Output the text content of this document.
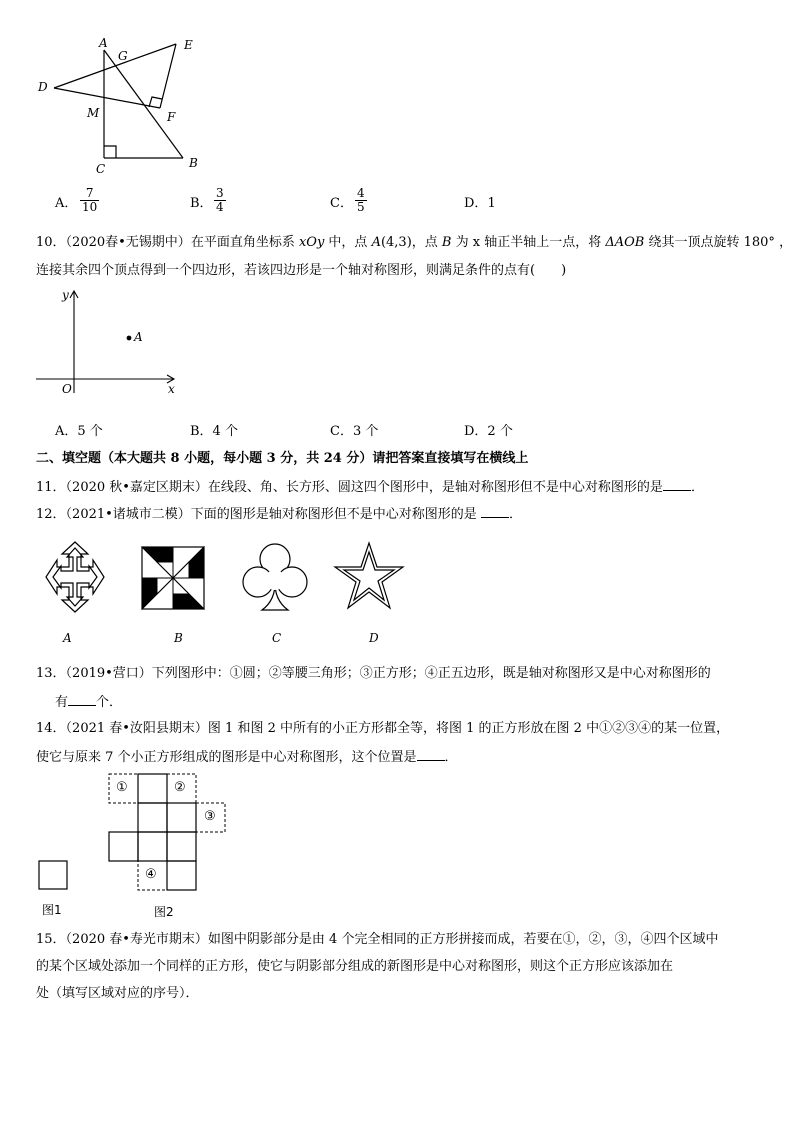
A
G
E
D
M	F
C	B
A． $\frac{7}{10}$	B． $\frac{3}{4}$	C． $\frac{4}{5}$	D．1
10．（2020春•无锡期中）在平面直角坐标系 xOy 中，点 A(4,3)，点 B 为 x 轴正半轴上一点，将 ΔAOB 绕其一顶点旋转 180° ，
连接其余四个顶点得到一个四边形，若该四边形是一个轴对称图形，则满足条件的点有(　　)
y
x
O
A
A．5 个	B．4 个	C．3 个	D．2 个
二、填空题（本大题共 8 小题，每小题 3 分，共 24 分）请把答案直接填写在横线上
11．（2020 秋•嘉定区期末）在线段、角、长方形、圆这四个图形中，是轴对称图形但不是中心对称图形的是 ．
12．（2021•诸城市二模）下面的图形是轴对称图形但不是中心对称图形的是 ．
A	B	C	D
13．（2019•营口）下列图形中：①圆；②等腰三角形；③正方形；④正五边形，既是轴对称图形又是中心对称图形的
有 个．
14．（2021 春•汝阳县期末）图 1 和图 2 中所有的小正方形都全等，将图 1 的正方形放在图 2 中①②③④的某一位置，
使它与原来 7 个小正方形组成的图形是中心对称图形，这个位置是 ．
①	②
③
④
图1	图2
15．（2020 春•寿光市期末）如图中阴影部分是由 4 个完全相同的正方形拼接而成，若要在①，②，③，④四个区域中
的某个区域处添加一个同样的正方形，使它与阴影部分组成的新图形是中心对称图形，则这个正方形应该添加在
处（填写区域对应的序号）．
